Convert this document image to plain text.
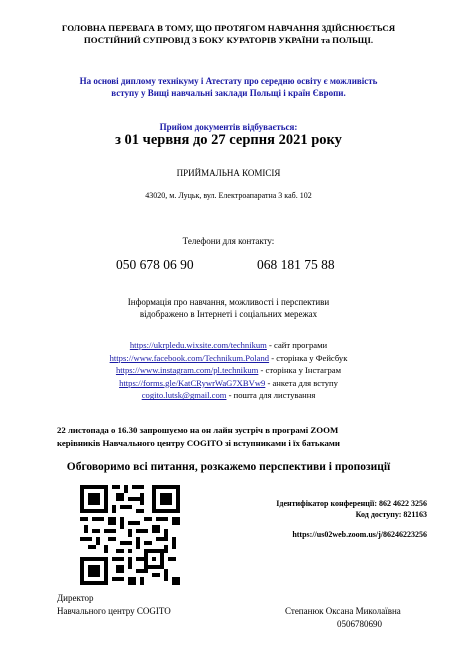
ГОЛОВНА ПЕРЕВАГА В ТОМУ, ЩО ПРОТЯГОМ НАВЧАННЯ ЗДІЙСНЮЄТЬСЯ
ПОСТІЙНИЙ СУПРОВІД З БОКУ КУРАТОРІВ УКРАЇНИ та ПОЛЬЩІ.
На основі диплому технікуму і Атестату про середню освіту є можливість
вступу у Вищі навчальні заклади Польщі і країн Європи.
Прийом документів відбувається:
з 01 червня до 27 серпня 2021 року
ПРИЙМАЛЬНА КОМІСІЯ
43020, м. Луцьк, вул. Електроапаратна 3 каб. 102
Телефони для контакту:
050 678 06 90	068 181 75 88
Інформація про навчання, можливості і перспективи
відображено в Інтернеті і соціальних мережах
https://ukrpledu.wixsite.com/technikum - сайт програми
https://www.facebook.com/Technikum.Poland - сторінка у Фейсбук
https://www.instagram.com/pl.technikum - сторінка у Інстаграм
https://forms.gle/KatCRywrWaG7XBVw9 - анкета для вступу
cogito.lutsk@gmail.com - пошта для листування
22 листопада о 16.30 запрошуємо на он лайн зустріч в програмі ZOOM
керівників Навчального центру COGITO зі вступниками і їх батьками
Обговоримо всі питання, розкажемо перспективи і пропозиції
Ідентифікатор конференції: 862 4622 3256
Код доступу: 821163
https://us02web.zoom.us/j/86246223256
Директор
Навчального центру COGITO	Степанюк Оксана Миколаївна
0506780690
